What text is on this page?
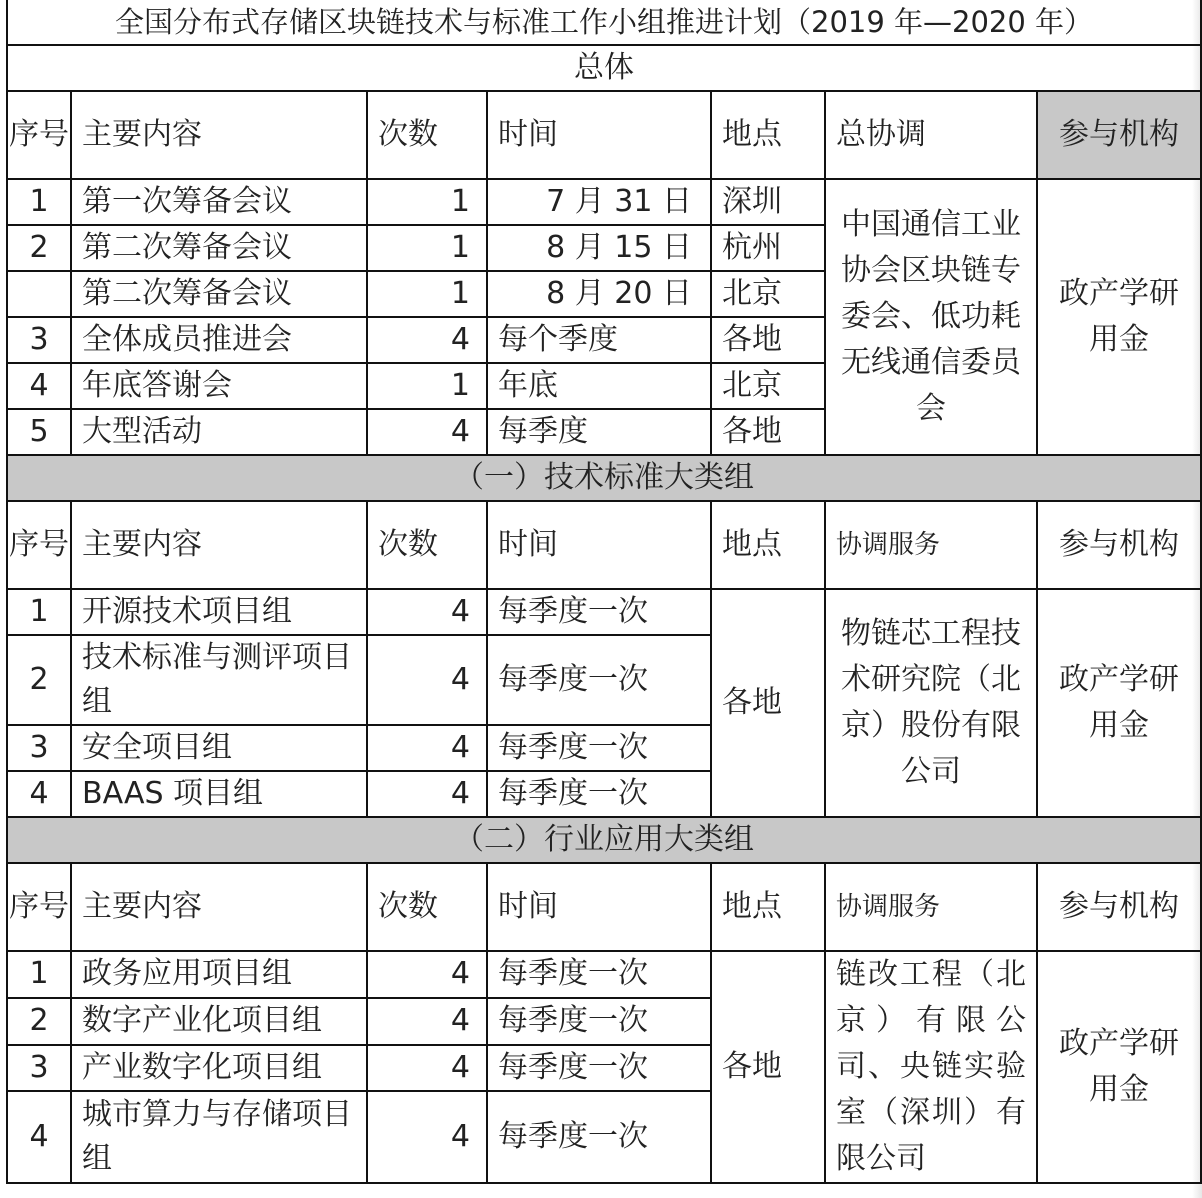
全国分布式存储区块链技术与标准工作小组推进计划（2019 年—2020 年）						
总体						
序号	主要内容	次数	时间	地点	总协调	参与机构
1	第一次筹备会议	1	7 月 31 日	深圳	中国通信工业协会区块链专委会、低功耗无线通信委员会	政产学研用金
2	第二次筹备会议	1	8 月 15 日	杭州		
	第二次筹备会议	1	8 月 20 日	北京		
3	全体成员推进会	4	每个季度	各地		
4	年底答谢会	1	年底	北京		
5	大型活动	4	每季度	各地		
（一）技术标准大类组						
序号	主要内容	次数	时间	地点	协调服务	参与机构
1	开源技术项目组	4	每季度一次	各地	物链芯工程技术研究院（北京）股份有限公司	政产学研用金
2	技术标准与测评项目组	4	每季度一次			
3	安全项目组	4	每季度一次			
4	BAAS 项目组	4	每季度一次			
（二）行业应用大类组						
序号	主要内容	次数	时间	地点	协调服务	参与机构
1	政务应用项目组	4	每季度一次	各地	链改工程（北京）有限公司、央链实验室（深圳）有限公司	政产学研用金
2	数字产业化项目组	4	每季度一次			
3	产业数字化项目组	4	每季度一次			
4	城市算力与存储项目组	4	每季度一次			
